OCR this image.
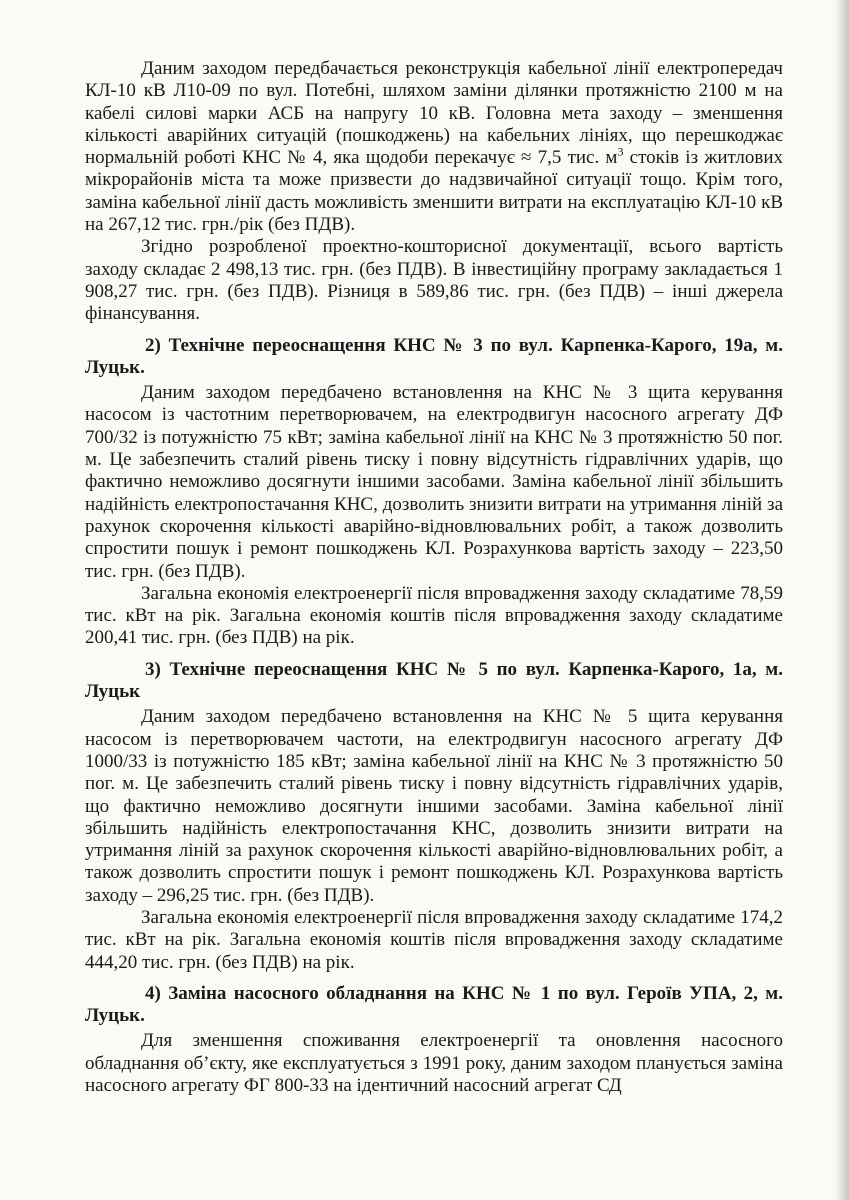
Даним заходом передбачається реконструкція кабельної лінії електропередач КЛ-10 кВ Л10-09 по вул. Потебні, шляхом заміни ділянки протяжністю 2100 м на кабелі силові марки АСБ на напругу 10 кВ. Головна мета заходу – зменшення кількості аварійних ситуацій (пошкоджень) на кабельних лініях, що перешкоджає нормальній роботі КНС № 4, яка щодоби перекачує ≈ 7,5 тис. $м^3$ стоків із житлових мікрорайонів міста та може призвести до надзвичайної ситуації тощо. Крім того, заміна кабельної лінії дасть можливість зменшити витрати на експлуатацію КЛ-10 кВ на 267,12 тис. грн./рік (без ПДВ).

Згідно розробленої проектно-кошторисної документації, всього вартість заходу складає 2 498,13 тис. грн. (без ПДВ). В інвестиційну програму закладається 1 908,27 тис. грн. (без ПДВ). Різниця в 589,86 тис. грн. (без ПДВ) – інші джерела фінансування.

2) Технічне переоснащення КНС № 3 по вул. Карпенка-Карого, 19а, м. Луцьк.

Даним заходом передбачено встановлення на КНС № 3 щита керування насосом із частотним перетворювачем, на електродвигун насосного агрегату ДФ 700/32 із потужністю 75 кВт; заміна кабельної лінії на КНС № 3 протяжністю 50 пог. м. Це забезпечить сталий рівень тиску і повну відсутність гідравлічних ударів, що фактично неможливо досягнути іншими засобами. Заміна кабельної лінії збільшить надійність електропостачання КНС, дозволить знизити витрати на утримання ліній за рахунок скорочення кількості аварійно-відновлювальних робіт, а також дозволить спростити пошук і ремонт пошкоджень КЛ. Розрахункова вартість заходу – 223,50 тис. грн. (без ПДВ).

Загальна економія електроенергії після впровадження заходу складатиме 78,59 тис. кВт на рік. Загальна економія коштів після впровадження заходу складатиме 200,41 тис. грн. (без ПДВ) на рік.

3) Технічне переоснащення КНС № 5 по вул. Карпенка-Карого, 1а, м. Луцьк

Даним заходом передбачено встановлення на КНС № 5 щита керування насосом із перетворювачем частоти, на електродвигун насосного агрегату ДФ 1000/33 із потужністю 185 кВт; заміна кабельної лінії на КНС № 3 протяжністю 50 пог. м. Це забезпечить сталий рівень тиску і повну відсутність гідравлічних ударів, що фактично неможливо досягнути іншими засобами. Заміна кабельної лінії збільшить надійність електропостачання КНС, дозволить знизити витрати на утримання ліній за рахунок скорочення кількості аварійно-відновлювальних робіт, а також дозволить спростити пошук і ремонт пошкоджень КЛ. Розрахункова вартість заходу – 296,25 тис. грн. (без ПДВ).

Загальна економія електроенергії після впровадження заходу складатиме 174,2 тис. кВт на рік. Загальна економія коштів після впровадження заходу складатиме 444,20 тис. грн. (без ПДВ) на рік.

4) Заміна насосного обладнання на КНС № 1 по вул. Героїв УПА, 2, м. Луцьк.

Для зменшення споживання електроенергії та оновлення насосного обладнання об’єкту, яке експлуатується з 1991 року, даним заходом планується заміна насосного агрегату ФГ 800-33 на ідентичний насосний агрегат СД
